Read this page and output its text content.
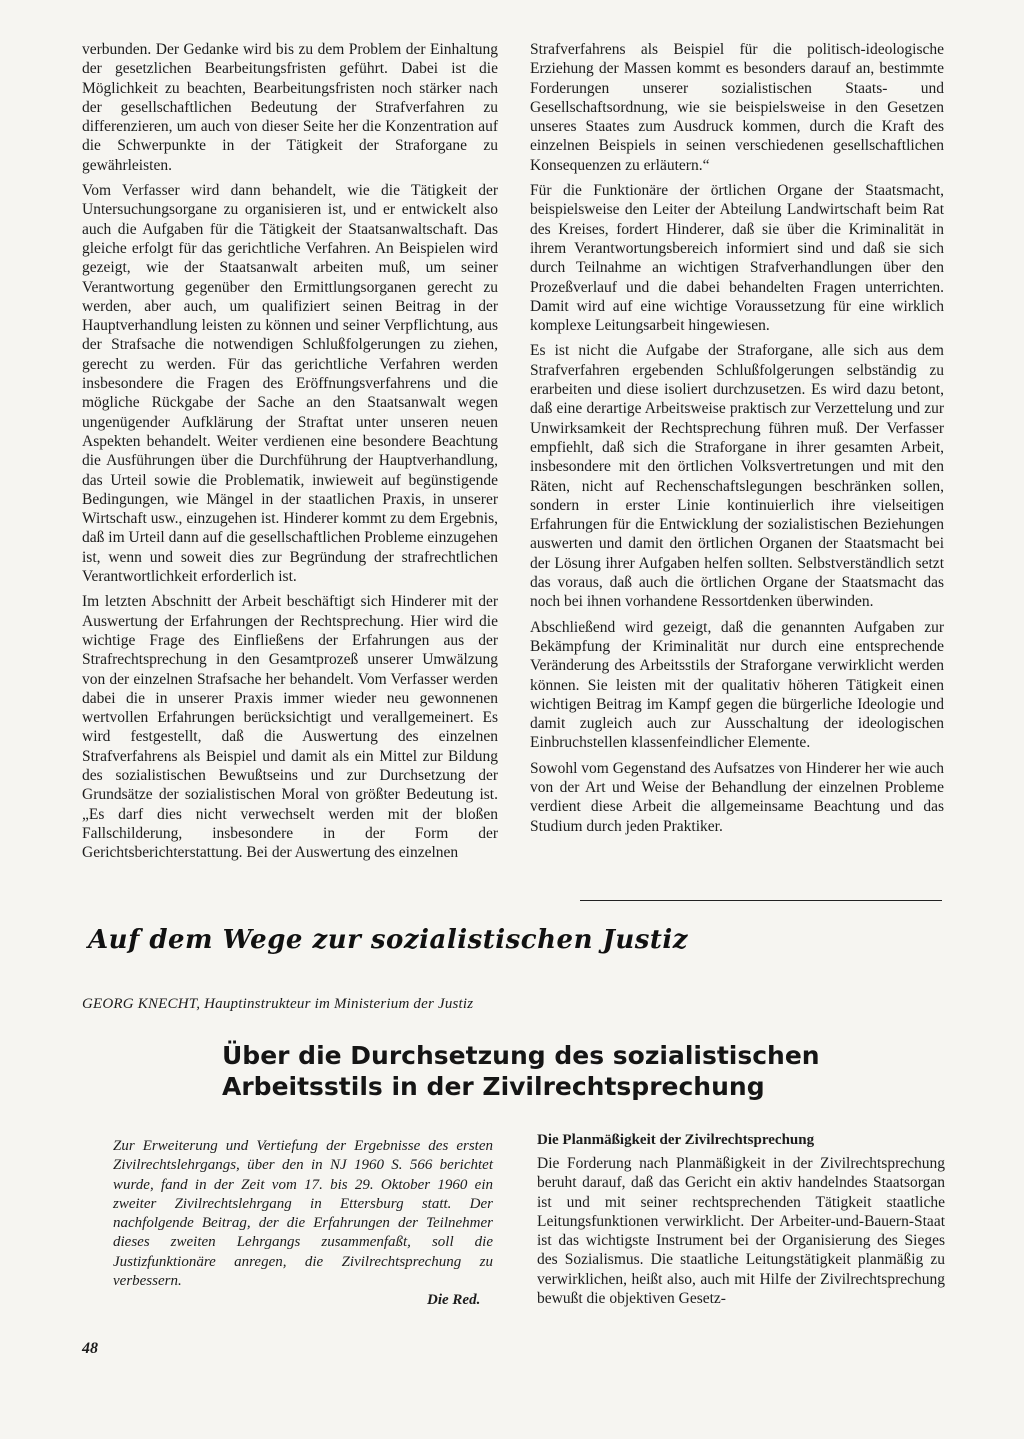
verbunden. Der Gedanke wird bis zu dem Problem der Einhaltung der gesetzlichen Bearbeitungsfristen geführt. Dabei ist die Möglichkeit zu beachten, Bearbeitungsfristen noch stärker nach der gesellschaftlichen Bedeutung der Strafverfahren zu differenzieren, um auch von dieser Seite her die Konzentration auf die Schwerpunkte in der Tätigkeit der Straforgane zu gewährleisten.

Vom Verfasser wird dann behandelt, wie die Tätigkeit der Untersuchungsorgane zu organisieren ist, und er entwickelt also auch die Aufgaben für die Tätigkeit der Staatsanwaltschaft. Das gleiche erfolgt für das gerichtliche Verfahren. An Beispielen wird gezeigt, wie der Staatsanwalt arbeiten muß, um seiner Verantwortung gegenüber den Ermittlungsorganen gerecht zu werden, aber auch, um qualifiziert seinen Beitrag in der Hauptverhandlung leisten zu können und seiner Verpflichtung, aus der Strafsache die notwendigen Schlußfolgerungen zu ziehen, gerecht zu werden. Für das gerichtliche Verfahren werden insbesondere die Fragen des Eröffnungsverfahrens und die mögliche Rückgabe der Sache an den Staatsanwalt wegen ungenügender Aufklärung der Straftat unter unseren neuen Aspekten behandelt. Weiter verdienen eine besondere Beachtung die Ausführungen über die Durchführung der Hauptverhandlung, das Urteil sowie die Problematik, inwieweit auf begünstigende Bedingungen, wie Mängel in der staatlichen Praxis, in unserer Wirtschaft usw., einzugehen ist. Hinderer kommt zu dem Ergebnis, daß im Urteil dann auf die gesellschaftlichen Probleme einzugehen ist, wenn und soweit dies zur Begründung der strafrechtlichen Verantwortlichkeit erforderlich ist.

Im letzten Abschnitt der Arbeit beschäftigt sich Hinderer mit der Auswertung der Erfahrungen der Rechtsprechung. Hier wird die wichtige Frage des Einfließens der Erfahrungen aus der Strafrechtsprechung in den Gesamtprozeß unserer Umwälzung von der einzelnen Strafsache her behandelt. Vom Verfasser werden dabei die in unserer Praxis immer wieder neu gewonnenen wertvollen Erfahrungen berücksichtigt und verallgemeinert. Es wird festgestellt, daß die Auswertung des einzelnen Strafverfahrens als Beispiel und damit als ein Mittel zur Bildung des sozialistischen Bewußtseins und zur Durchsetzung der Grundsätze der sozialistischen Moral von größter Bedeutung ist. „Es darf dies nicht verwechselt werden mit der bloßen Fallschilderung, insbesondere in der Form der Gerichtsberichterstattung. Bei der Auswertung des einzelnen

Strafverfahrens als Beispiel für die politisch-ideologische Erziehung der Massen kommt es besonders darauf an, bestimmte Forderungen unserer sozialistischen Staats- und Gesellschaftsordnung, wie sie beispielsweise in den Gesetzen unseres Staates zum Ausdruck kommen, durch die Kraft des einzelnen Beispiels in seinen verschiedenen gesellschaftlichen Konsequenzen zu erläutern.“

Für die Funktionäre der örtlichen Organe der Staatsmacht, beispielsweise den Leiter der Abteilung Landwirtschaft beim Rat des Kreises, fordert Hinderer, daß sie über die Kriminalität in ihrem Verantwortungsbereich informiert sind und daß sie sich durch Teilnahme an wichtigen Strafverhandlungen über den Prozeßverlauf und die dabei behandelten Fragen unterrichten. Damit wird auf eine wichtige Voraussetzung für eine wirklich komplexe Leitungsarbeit hingewiesen.

Es ist nicht die Aufgabe der Straforgane, alle sich aus dem Strafverfahren ergebenden Schlußfolgerungen selbständig zu erarbeiten und diese isoliert durchzusetzen. Es wird dazu betont, daß eine derartige Arbeitsweise praktisch zur Verzettelung und zur Unwirksamkeit der Rechtsprechung führen muß. Der Verfasser empfiehlt, daß sich die Straforgane in ihrer gesamten Arbeit, insbesondere mit den örtlichen Volksvertretungen und mit den Räten, nicht auf Rechenschaftslegungen beschränken sollen, sondern in erster Linie kontinuierlich ihre vielseitigen Erfahrungen für die Entwicklung der sozialistischen Beziehungen auswerten und damit den örtlichen Organen der Staatsmacht bei der Lösung ihrer Aufgaben helfen sollten. Selbstverständlich setzt das voraus, daß auch die örtlichen Organe der Staatsmacht das noch bei ihnen vorhandene Ressortdenken überwinden.

Abschließend wird gezeigt, daß die genannten Aufgaben zur Bekämpfung der Kriminalität nur durch eine entsprechende Veränderung des Arbeitsstils der Straforgane verwirklicht werden können. Sie leisten mit der qualitativ höheren Tätigkeit einen wichtigen Beitrag im Kampf gegen die bürgerliche Ideologie und damit zugleich auch zur Ausschaltung der ideologischen Einbruchstellen klassenfeindlicher Elemente.

Sowohl vom Gegenstand des Aufsatzes von Hinderer her wie auch von der Art und Weise der Behandlung der einzelnen Probleme verdient diese Arbeit die allgemeinsame Beachtung und das Studium durch jeden Praktiker.

Auf dem Wege zur sozialistischen Justiz
GEORG KNECHT, Hauptinstrukteur im Ministerium der Justiz
Über die Durchsetzung des sozialistischen Arbeitsstils in der Zivilrechtsprechung
Zur Erweiterung und Vertiefung der Ergebnisse des ersten Zivilrechtslehrgangs, über den in NJ 1960 S. 566 berichtet wurde, fand in der Zeit vom 17. bis 29. Oktober 1960 ein zweiter Zivilrechtslehrgang in Ettersburg statt. Der nachfolgende Beitrag, der die Erfahrungen der Teilnehmer dieses zweiten Lehrgangs zusammenfaßt, soll die Justizfunktionäre anregen, die Zivilrechtsprechung zu verbessern.
Die Red.
Die Planmäßigkeit der Zivilrechtsprechung
Die Forderung nach Planmäßigkeit in der Zivilrechtsprechung beruht darauf, daß das Gericht ein aktiv handelndes Staatsorgan ist und mit seiner rechtsprechenden Tätigkeit staatliche Leitungsfunktionen verwirklicht. Der Arbeiter-und-Bauern-Staat ist das wichtigste Instrument bei der Organisierung des Sieges des Sozialismus. Die staatliche Leitungstätigkeit planmäßig zu verwirklichen, heißt also, auch mit Hilfe der Zivilrechtsprechung bewußt die objektiven Gesetz-
48
